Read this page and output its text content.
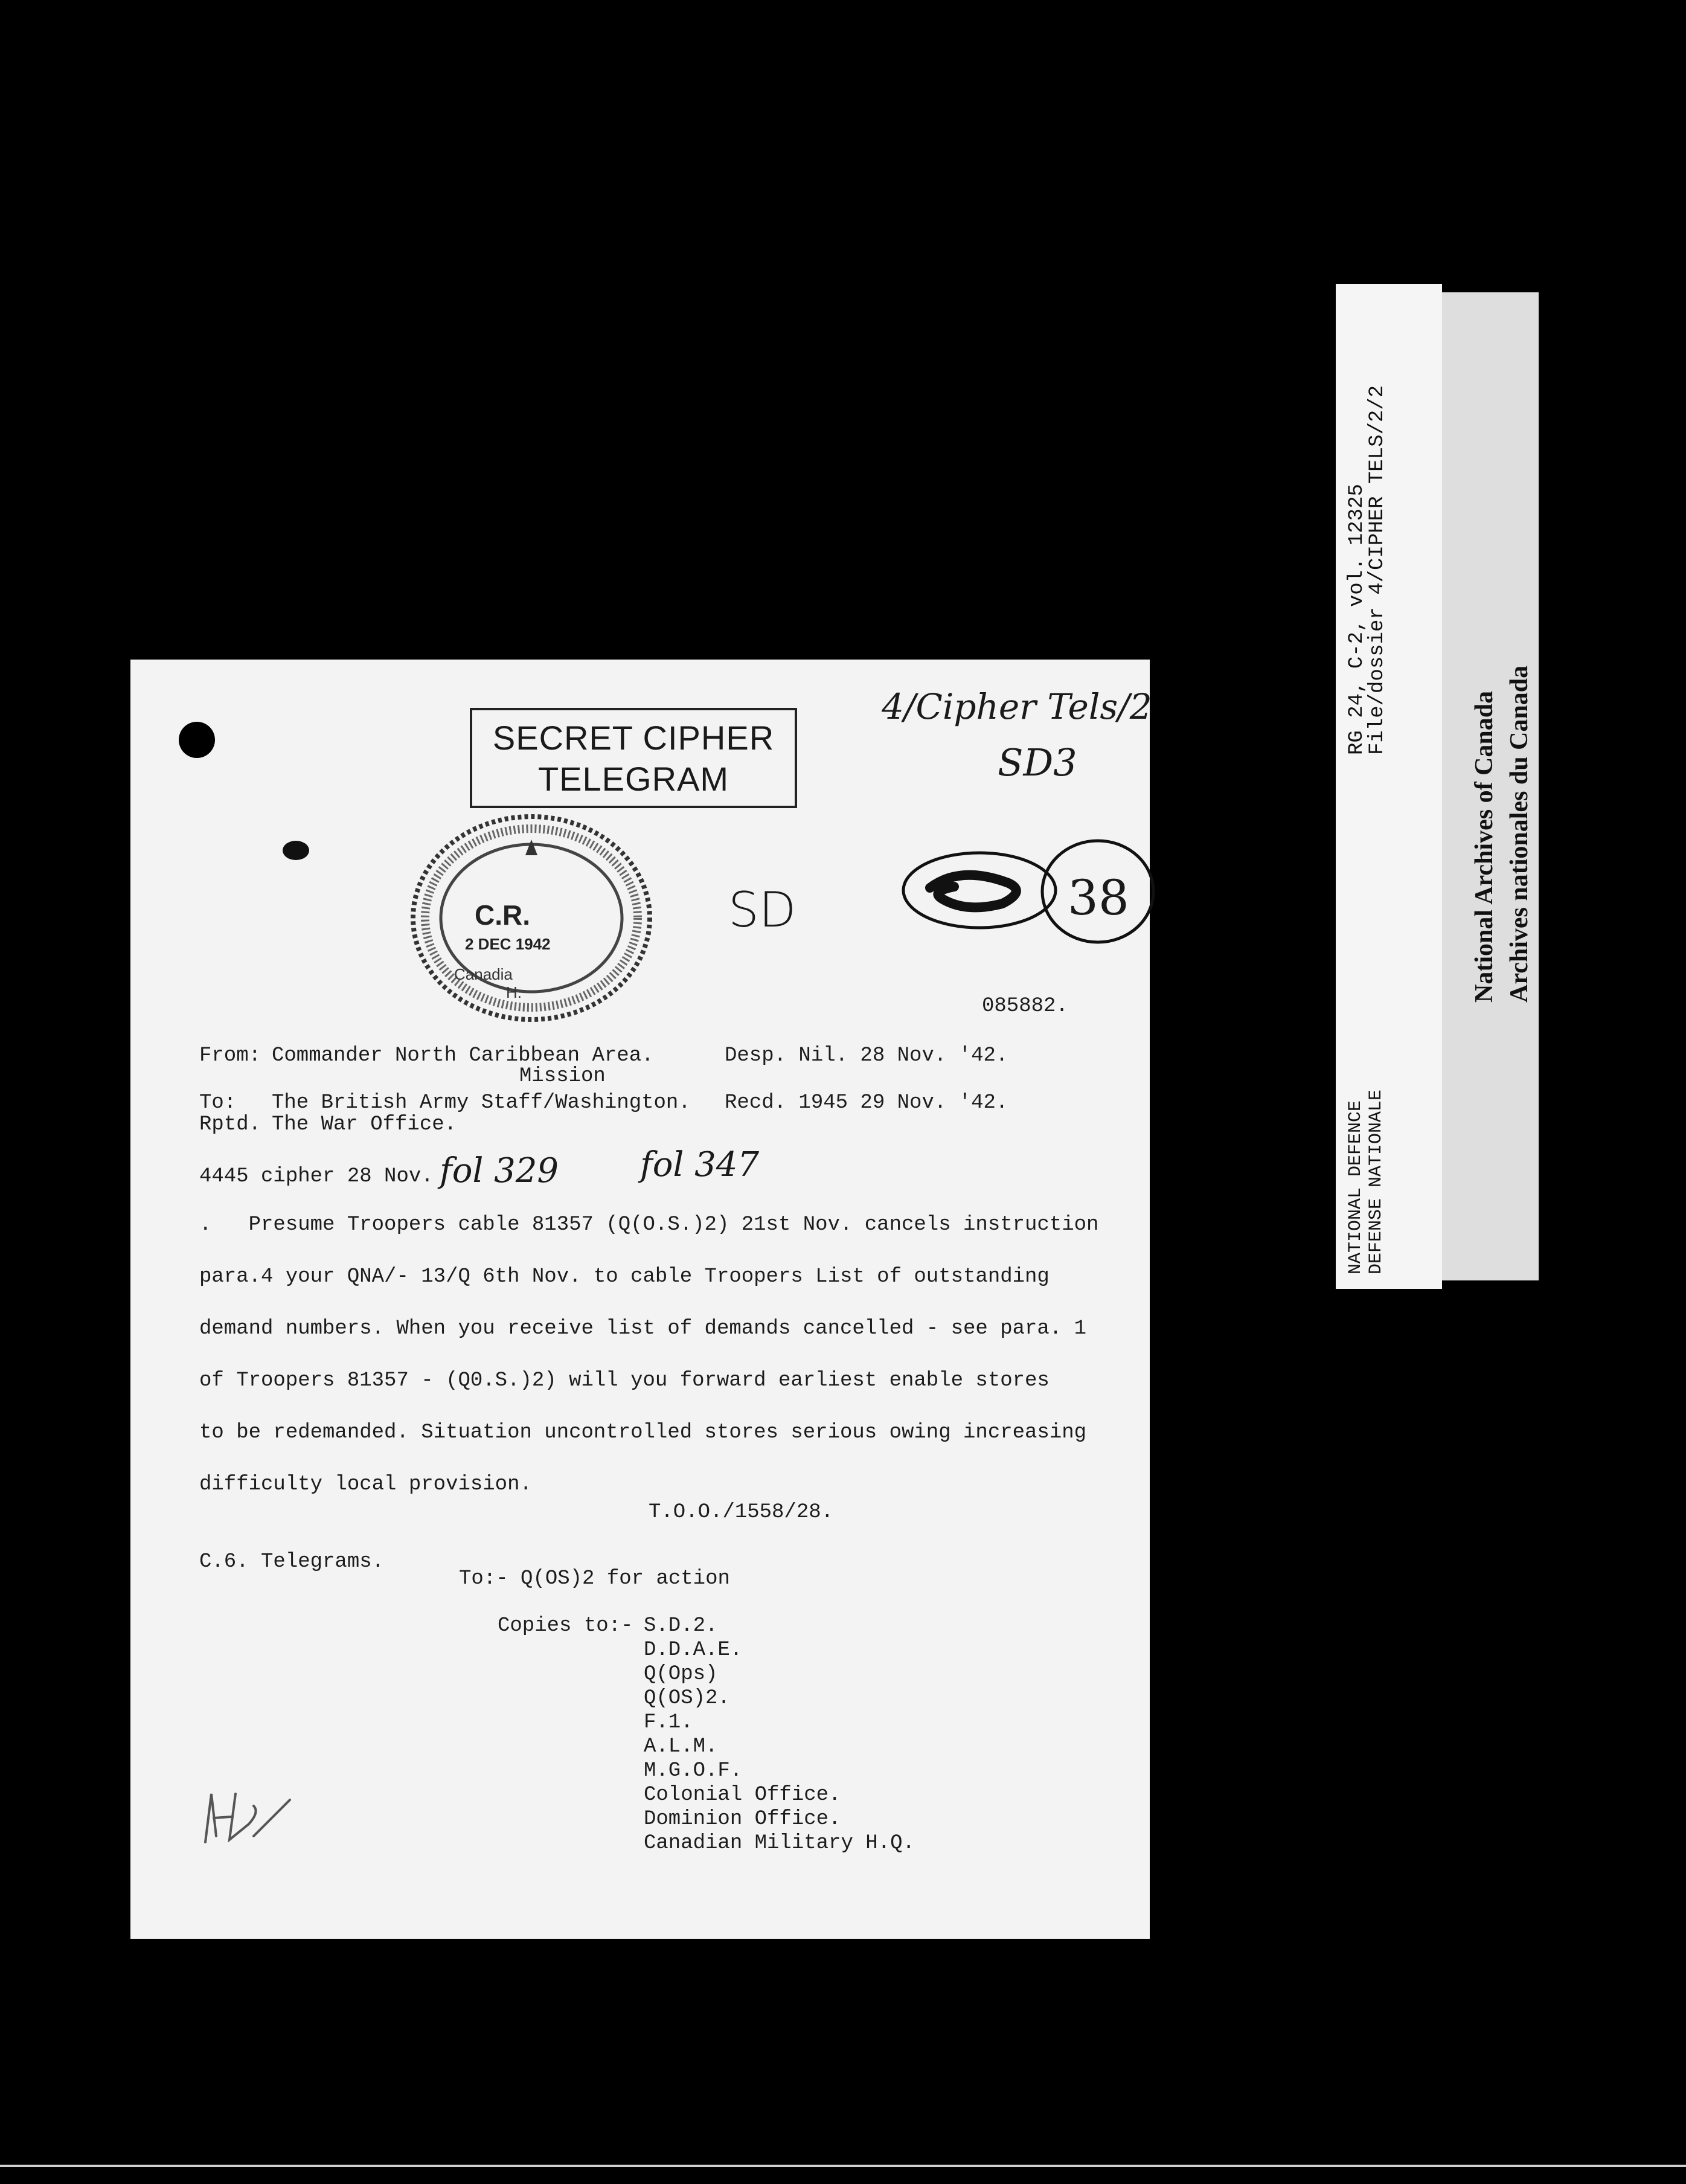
SECRET CIPHER
TELEGRAM
4/Cipher Tels/2
SD3
SD	38
C.R.
2 DEC 1942
Canadia
H.
085882.
From: Commander North Caribbean Area.
Mission
Desp. Nil. 28 Nov. '42.
To: The British Army Staff/Washington. Recd. 1945 29 Nov. '42.
Rptd. The War Office.
4445 cipher 28 Nov. fol 329 fol 347
.   Presume Troopers cable 81357 (Q(O.S.)2) 21st Nov. cancels instruction
para.4 your QNA/- 13/Q 6th Nov. to cable Troopers List of outstanding
demand numbers. When you receive list of demands cancelled - see para. 1
of Troopers 81357 - (Q0.S.)2) will you forward earliest enable stores
to be redemanded. Situation uncontrolled stores serious owing increasing
difficulty local provision.
T.O.O./1558/28.
C.6. Telegrams.
To:- Q(OS)2 for action
Copies to:- S.D.2.
D.D.A.E.
Q(Ops)
Q(OS)2.
F.1.
A.L.M.
M.G.O.F.
Colonial Office.
Dominion Office.
Canadian Military H.Q.
National Archives of Canada Archives nationales du Canada
RG 24, C-2, vol. 12325
File/dossier 4/CIPHER TELS/2/2
NATIONAL DEFENCE DEFENSE NATIONALE
